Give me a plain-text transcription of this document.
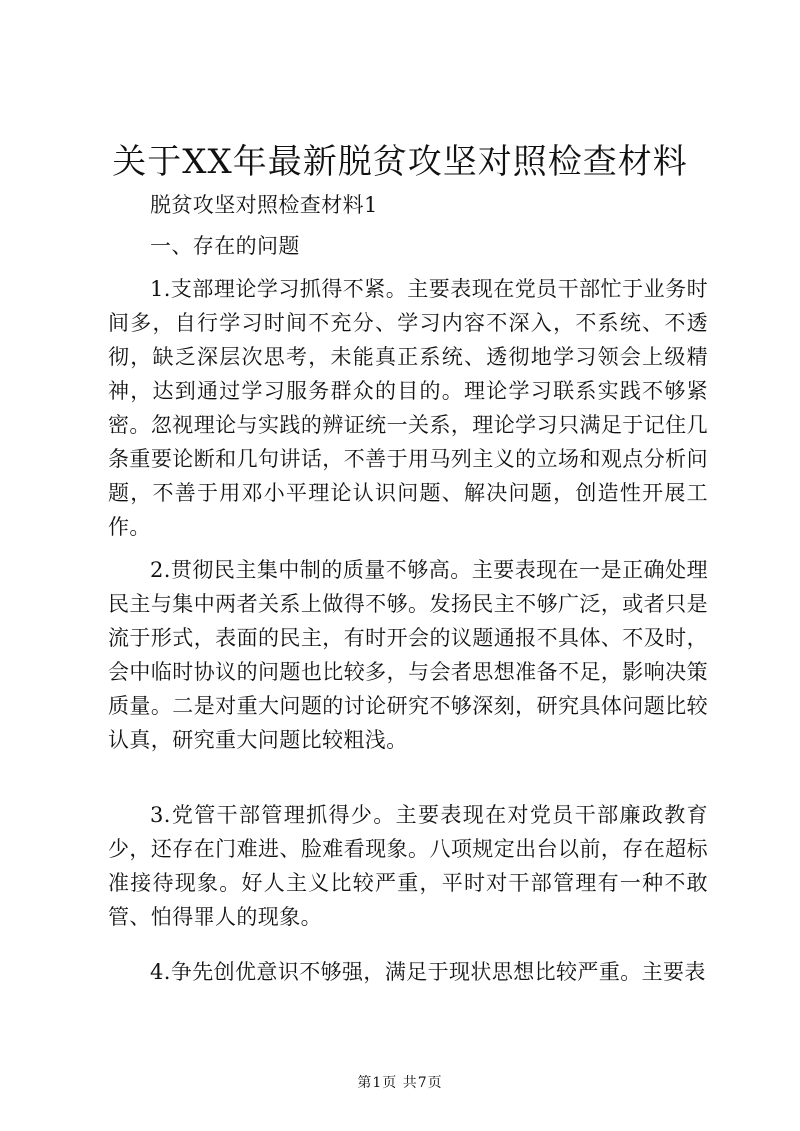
关于XX年最新脱贫攻坚对照检查材料

脱贫攻坚对照检查材料1

一、存在的问题

1.支部理论学习抓得不紧。主要表现在党员干部忙于业务时间多，自行学习时间不充分、学习内容不深入，不系统、不透彻，缺乏深层次思考，未能真正系统、透彻地学习领会上级精神，达到通过学习服务群众的目的。理论学习联系实践不够紧密。忽视理论与实践的辨证统一关系，理论学习只满足于记住几条重要论断和几句讲话，不善于用马列主义的立场和观点分析问题，不善于用邓小平理论认识问题、解决问题，创造性开展工作。

2.贯彻民主集中制的质量不够高。主要表现在一是正确处理民主与集中两者关系上做得不够。发扬民主不够广泛，或者只是流于形式，表面的民主，有时开会的议题通报不具体、不及时，会中临时协议的问题也比较多，与会者思想准备不足，影响决策质量。二是对重大问题的讨论研究不够深刻，研究具体问题比较认真，研究重大问题比较粗浅。

3.党管干部管理抓得少。主要表现在对党员干部廉政教育少，还存在门难进、脸难看现象。八项规定出台以前，存在超标准接待现象。好人主义比较严重，平时对干部管理有一种不敢管、怕得罪人的现象。

4.争先创优意识不够强，满足于现状思想比较严重。主要表

第1页 共7页
